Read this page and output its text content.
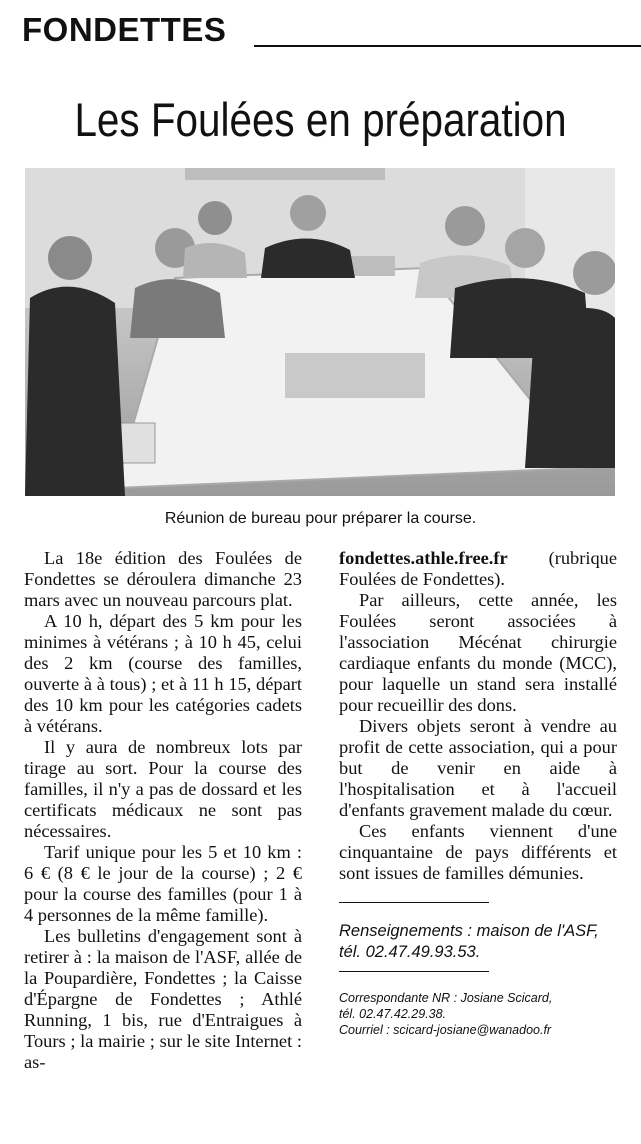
FONDETTES
Les Foulées en préparation
Réunion de bureau pour préparer la course.

La 18e édition des Foulées de Fondettes se déroulera dimanche 23 mars avec un nouveau parcours plat.

A 10 h, départ des 5 km pour les minimes à vétérans ; à 10 h 45, celui des 2 km (course des familles, ouverte à à tous) ; et à 11 h 15, départ des 10 km pour les catégories cadets à vétérans.

Il y aura de nombreux lots par tirage au sort. Pour la course des familles, il n'y a pas de dossard et les certificats médicaux ne sont pas nécessaires.

Tarif unique pour les 5 et 10 km : 6 € (8 € le jour de la course) ; 2 € pour la course des familles (pour 1 à 4 personnes de la même famille).

Les bulletins d'engagement sont à retirer à : la maison de l'ASF, allée de la Poupardière, Fondettes ; la Caisse d'Épargne de Fondettes ; Athlé Running, 1 bis, rue d'Entraigues à Tours ; la mairie ; sur le site Internet : as-

fondettes.athle.free.fr (rubrique Foulées de Fondettes).

Par ailleurs, cette année, les Foulées seront associées à l'association Mécénat chirurgie cardiaque enfants du monde (MCC), pour laquelle un stand sera installé pour recueillir des dons.

Divers objets seront à vendre au profit de cette association, qui a pour but de venir en aide à l'hospitalisation et à l'accueil d'enfants gravement malade du cœur.

Ces enfants viennent d'une cinquantaine de pays différents et sont issues de familles démunies.

Renseignements : maison de l'ASF,
tél. 02.47.49.93.53.
Correspondante NR : Josiane Scicard,
tél. 02.47.42.29.38.
Courriel : scicard-josiane@wanadoo.fr
